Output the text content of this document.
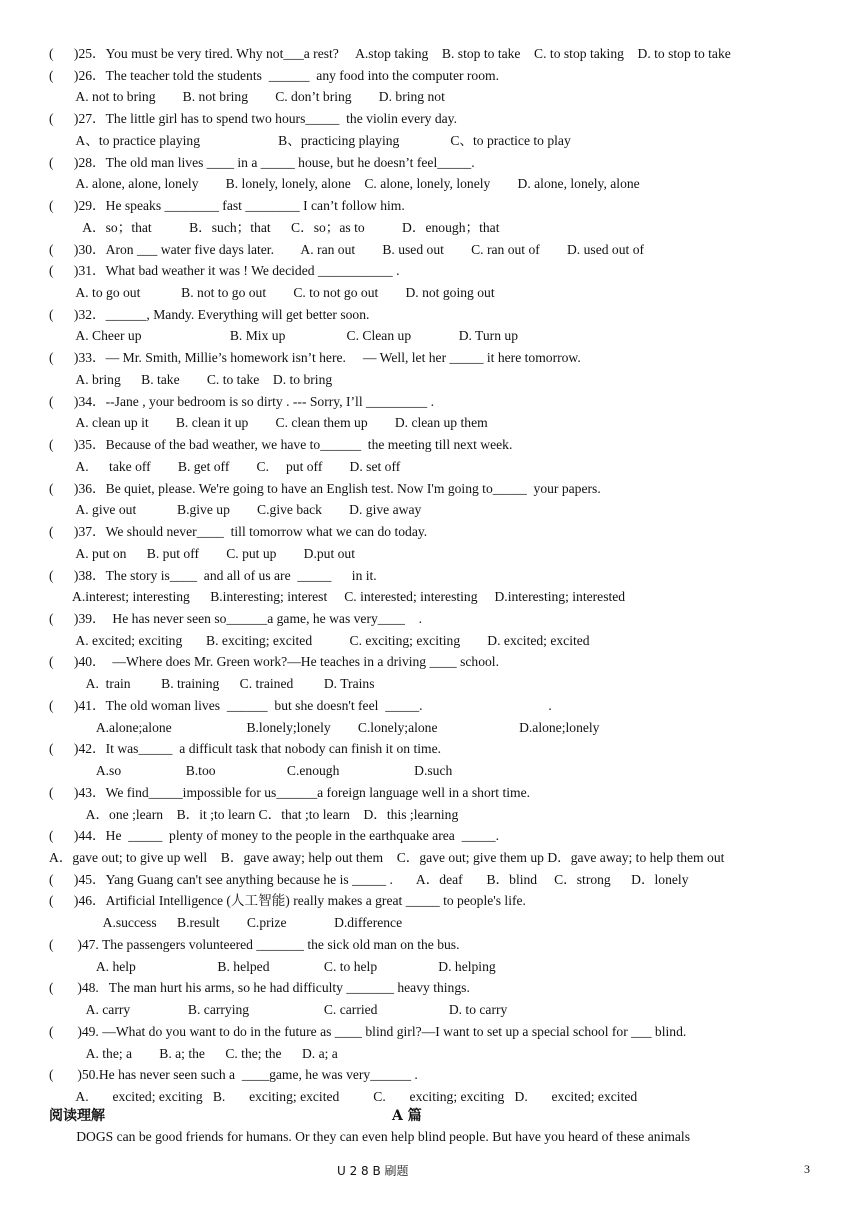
(      )25．You must be very tired. Why not___a rest?     A.stop taking    B. stop to take    C. to stop taking    D. to stop to take
(      )26．The teacher told the students  ______  any food into the computer room.
A. not to bring        B. not bring        C. don’t bring        D. bring not
(      )27．The little girl has to spend two hours_____  the violin every day.
A、to practice playing                       B、practicing playing               C、to practice to play
(      )28．The old man lives ____ in a _____ house, but he doesn’t feel_____.
A. alone, alone, lonely        B. lonely, lonely, alone    C. alone, lonely, lonely        D. alone, lonely, alone
(      )29．He speaks ________ fast ________ I can’t follow him.
A．so；that           B．such；that      C．so；as to           D．enough；that
(      )30．Aron ___ water five days later.        A. ran out        B. used out        C. ran out of        D. used out of
(      )31．What bad weather it was ! We decided ___________ .
A. to go out            B. not to go out        C. to not go out        D. not going out
(      )32．______, Mandy. Everything will get better soon.
A. Cheer up                          B. Mix up                  C. Clean up              D. Turn up
(      )33．— Mr. Smith, Millie’s homework isn’t here.     — Well, let her _____ it here tomorrow.
A. bring      B. take        C. to take    D. to bring
(      )34．--Jane , your bedroom is so dirty . --- Sorry, I’ll _________ .
A. clean up it        B. clean it up        C. clean them up        D. clean up them
(      )35．Because of the bad weather, we have to______  the meeting till next week.
A.      take off        B. get off        C.     put off        D. set off
(      )36．Be quiet, please. We're going to have an English test. Now I'm going to_____  your papers.
A. give out            B.give up        C.give back        D. give away
(      )37．We should never____  till tomorrow what we can do today.
A. put on      B. put off        C. put up        D.put out
(      )38．The story is____  and all of us are  _____      in it.
A.interest; interesting      B.interesting; interest     C. interested; interesting     D.interesting; interested
(      )39．  He has never seen so______a game, he was very____    .
A. excited; exciting       B. exciting; excited           C. exciting; exciting        D. excited; excited
(      )40．  —Where does Mr. Green work?—He teaches in a driving ____ school.
A.  train         B. training      C. trained         D. Trains
(      )41．The old woman lives  ______  but she doesn't feel  _____.                                     .
A.alone;alone                      B.lonely;lonely        C.lonely;alone                        D.alone;lonely
(      )42．It was_____  a difficult task that nobody can finish it on time.
A.so                   B.too                     C.enough                      D.such
(      )43．We find_____impossible for us______a foreign language well in a short time.
A．one ;learn    B．it ;to learn C．that ;to learn    D．this ;learning
(      )44．He  _____  plenty of money to the people in the earthquake area  _____.
A．gave out; to give up well    B．gave away; help out them    C．gave out; give them up D．gave away; to help them out
(      )45．Yang Guang can't see anything because he is _____ .       A．deaf       B．blind     C．strong      D．lonely
(      )46．Artificial Intelligence (人工智能) really makes a great _____ to people's life.
A.success      B.result        C.prize              D.difference
(       )47. The passengers volunteered _______ the sick old man on the bus.
A. help                        B. helped                C. to help                  D. helping
(       )48.   The man hurt his arms, so he had difficulty _______ heavy things.
A. carry                 B. carrying                      C. carried                     D. to carry
(       )49. —What do you want to do in the future as ____ blind girl?—I want to set up a special school for ___ blind.
A. the; a        B. a; the      C. the; the      D. a; a
(       )50.He has never seen such a  ____game, he was very______ .
A.       excited; exciting   B.       exciting; excited          C.       exciting; exciting   D.       excited; excited
阅读理解	A 篇
DOGS can be good friends for humans. Or they can even help blind people. But have you heard of these animals
U 2 8 B 刷题	3
